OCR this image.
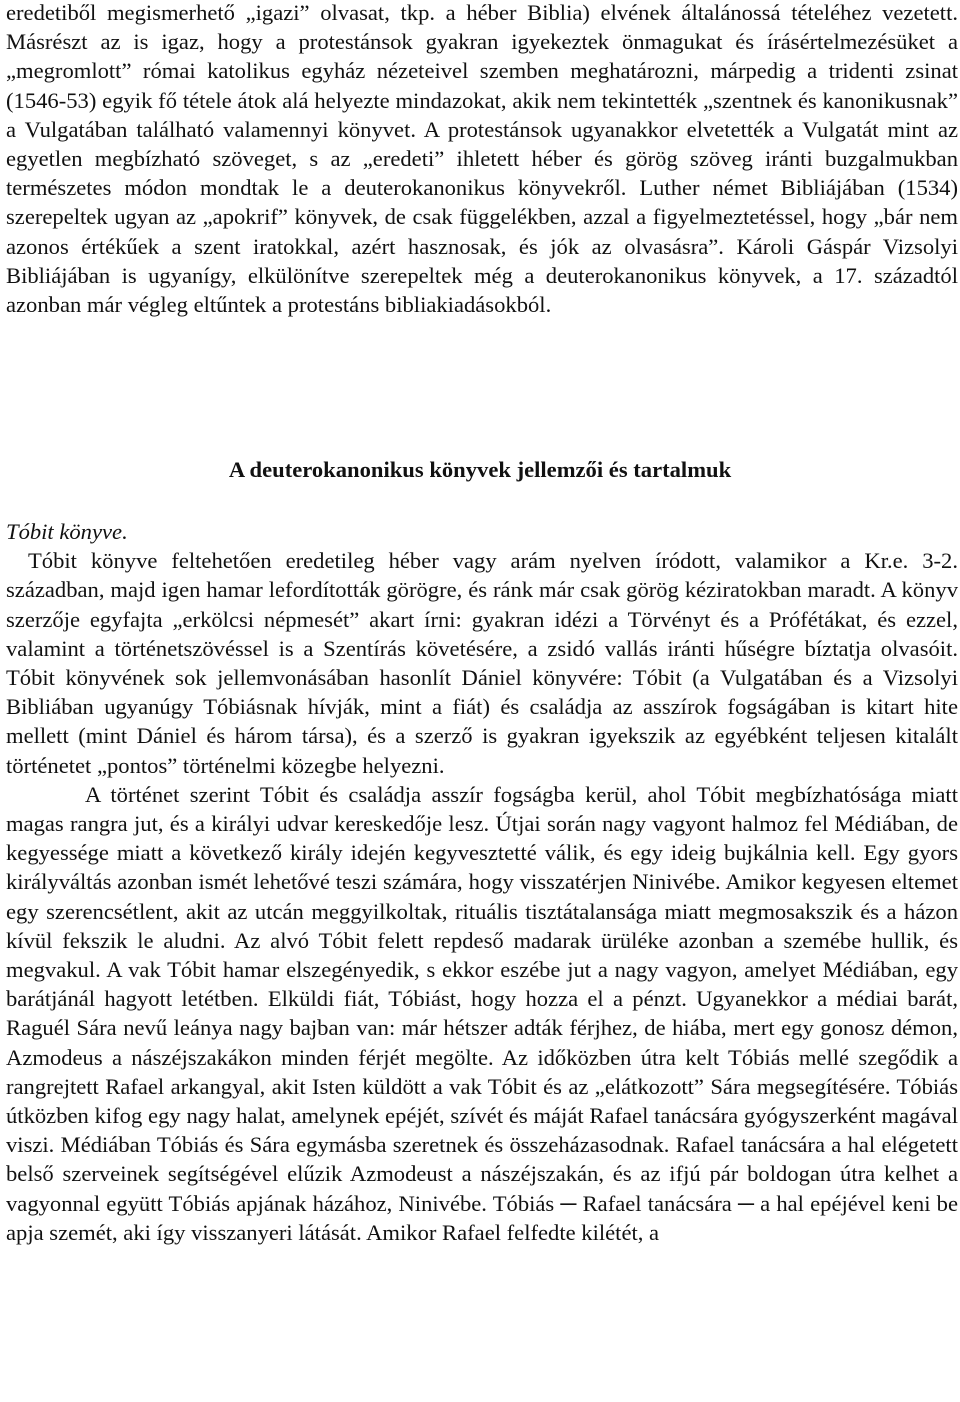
eredetiből megismerhető „igazi” olvasat, tkp. a héber Biblia) elvének általánossá tételéhez vezetett. Másrészt az is igaz, hogy a protestánsok gyakran igyekeztek önmagukat és írásértelmezésüket a „megromlott” római katolikus egyház nézeteivel szemben meghatározni, márpedig a tridenti zsinat (1546-53) egyik fő tétele átok alá helyezte mindazokat, akik nem tekintették „szentnek és kanonikusnak” a Vulgatában található valamennyi könyvet. A protestánsok ugyanakkor elvetették a Vulgatát mint az egyetlen megbízható szöveget, s az „eredeti” ihletett héber és görög szöveg iránti buzgalmukban természetes módon mondtak le a deuterokanonikus könyvekről. Luther német Bibliájában (1534) szerepeltek ugyan az „apokrif” könyvek, de csak függelékben, azzal a figyelmeztetéssel, hogy „bár nem azonos értékűek a szent iratokkal, azért hasznosak, és jók az olvasásra”. Károli Gáspár Vizsolyi Bibliájában is ugyanígy, elkülönítve szerepeltek még a deuterokanonikus könyvek, a 17. századtól azonban már végleg eltűntek a protestáns bibliakiadásokból.

A deuterokanonikus könyvek jellemzői és tartalmuk
Tóbit könyve.
Tóbit könyve feltehetően eredetileg héber vagy arám nyelven íródott, valamikor a Kr.e. 3-2. században, majd igen hamar lefordították görögre, és ránk már csak görög kéziratokban maradt. A könyv szerzője egyfajta „erkölcsi népmesét” akart írni: gyakran idézi a Törvényt és a Prófétákat, és ezzel, valamint a történetszövéssel is a Szentírás követésére, a zsidó vallás iránti hűségre bíztatja olvasóit. Tóbit könyvének sok jellemvonásában hasonlít Dániel könyvére: Tóbit (a Vulgatában és a Vizsolyi Bibliában ugyanúgy Tóbiásnak hívják, mint a fiát) és családja az asszírok fogságában is kitart hite mellett (mint Dániel és három társa), és a szerző is gyakran igyekszik az egyébként teljesen kitalált történetet „pontos” történelmi közegbe helyezni.
A történet szerint Tóbit és családja asszír fogságba kerül, ahol Tóbit megbízhatósága miatt magas rangra jut, és a királyi udvar kereskedője lesz. Útjai során nagy vagyont halmoz fel Médiában, de kegyessége miatt a következő király idején kegyvesztetté válik, és egy ideig bujkálnia kell. Egy gyors királyváltás azonban ismét lehetővé teszi számára, hogy visszatérjen Ninivébe. Amikor kegyesen eltemet egy szerencsétlent, akit az utcán meggyilkoltak, rituális tisztátalansága miatt megmosakszik és a házon kívül fekszik le aludni. Az alvó Tóbit felett repdeső madarak ürüléke azonban a szemébe hullik, és megvakul. A vak Tóbit hamar elszegényedik, s ekkor eszébe jut a nagy vagyon, amelyet Médiában, egy barátjánál hagyott letétben. Elküldi fiát, Tóbiást, hogy hozza el a pénzt. Ugyanekkor a médiai barát, Raguél Sára nevű leánya nagy bajban van: már hétszer adták férjhez, de hiába, mert egy gonosz démon, Azmodeus a nászéjszakákon minden férjét megölte. Az időközben útra kelt Tóbiás mellé szegődik a rangrejtett Rafael arkangyal, akit Isten küldött a vak Tóbit és az „elátkozott” Sára megsegítésére. Tóbiás útközben kifog egy nagy halat, amelynek epéjét, szívét és máját Rafael tanácsára gyógyszerként magával viszi. Médiában Tóbiás és Sára egymásba szeretnek és összeházasodnak. Rafael tanácsára a hal elégetett belső szerveinek segítségével elűzik Azmodeust a nászéjszakán, és az ifjú pár boldogan útra kelhet a vagyonnal együtt Tóbiás apjának házához, Ninivébe. Tóbiás ─ Rafael tanácsára ─ a hal epéjével keni be apja szemét, aki így visszanyeri látását. Amikor Rafael felfedte kilétét, a
